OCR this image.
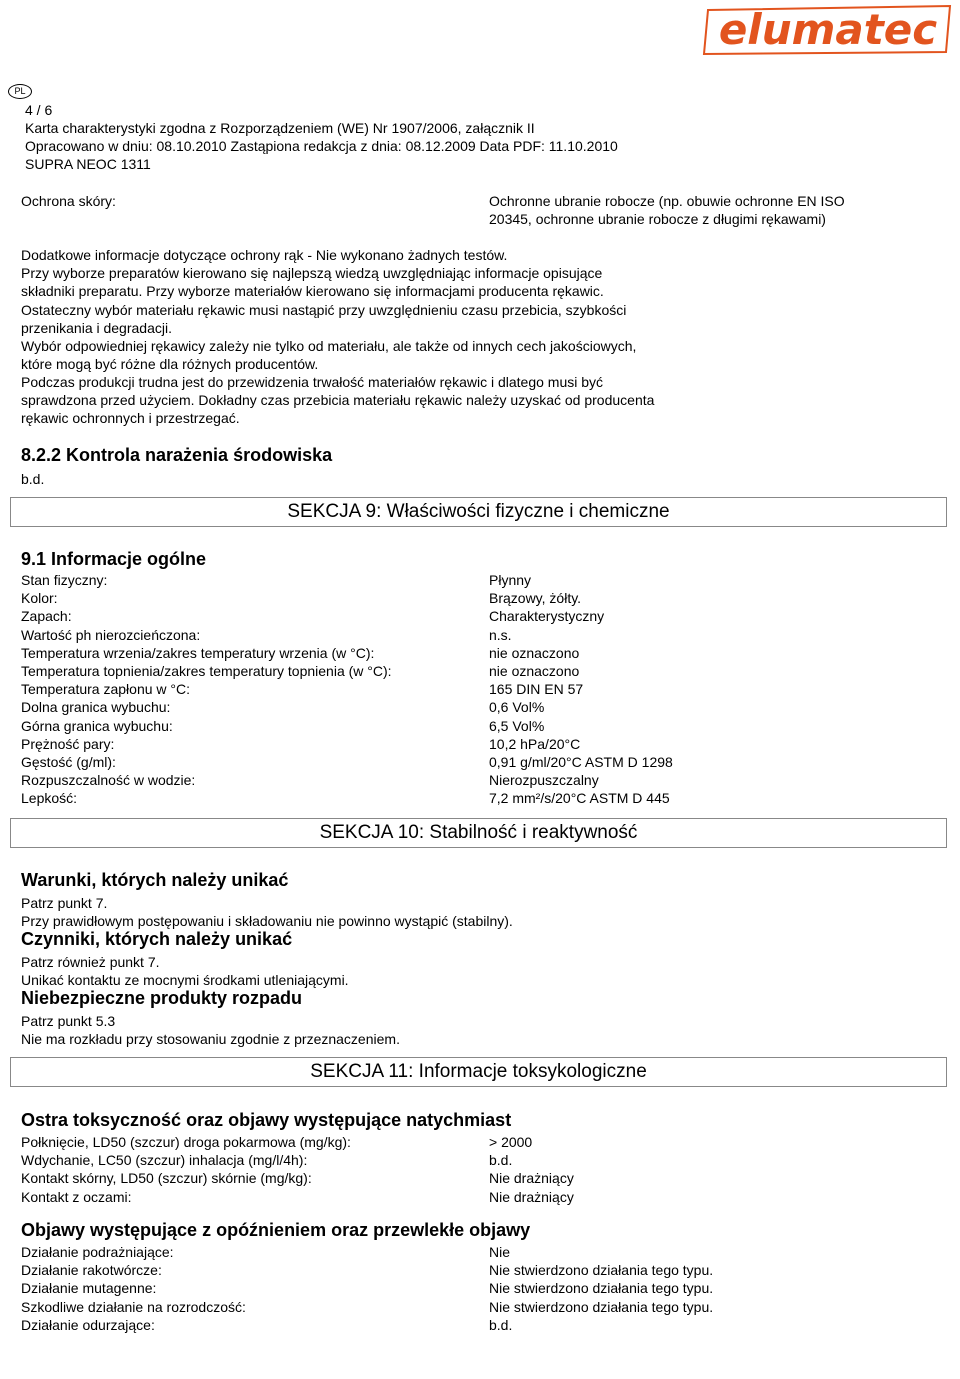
elumatec
PL
4 / 6
Karta charakterystyki zgodna z Rozporządzeniem (WE) Nr 1907/2006, załącznik II
Opracowano w dniu: 08.10.2010 Zastąpiona redakcja z dnia: 08.12.2009 Data PDF: 11.10.2010
SUPRA NEOC 1311
Ochrona skóry:	Ochronne ubranie robocze (np. obuwie ochronne EN ISO
20345, ochronne ubranie robocze z długimi rękawami)
Dodatkowe informacje dotyczące ochrony rąk - Nie wykonano żadnych testów.
Przy wyborze preparatów kierowano się najlepszą wiedzą uwzględniając informacje opisujące
składniki preparatu. Przy wyborze materiałów kierowano się informacjami producenta rękawic.
Ostateczny wybór materiału rękawic musi nastąpić przy uwzględnieniu czasu przebicia, szybkości
przenikania i degradacji.
Wybór odpowiedniej rękawicy zależy nie tylko od materiału, ale także od innych cech jakościowych,
które mogą być różne dla różnych producentów.
Podczas produkcji trudna jest do przewidzenia trwałość materiałów rękawic i dlatego musi być
sprawdzona przed użyciem. Dokładny czas przebicia materiału rękawic należy uzyskać od producenta
rękawic ochronnych i przestrzegać.
8.2.2 Kontrola narażenia środowiska
b.d.
SEKCJA 9: Właściwości fizyczne i chemiczne
9.1 Informacje ogólne
Stan fizyczny:	Płynny
Kolor:	Brązowy, żółty.
Zapach:	Charakterystyczny
Wartość ph nierozcieńczona:	n.s.
Temperatura wrzenia/zakres temperatury wrzenia (w °C):	nie oznaczono
Temperatura topnienia/zakres temperatury topnienia (w °C):	nie oznaczono
Temperatura zapłonu w °C:	165 DIN EN 57
Dolna granica wybuchu:	0,6 Vol%
Górna granica wybuchu:	6,5 Vol%
Prężność pary:	10,2 hPa/20°C
Gęstość (g/ml):	0,91 g/ml/20°C ASTM D 1298
Rozpuszczalność w wodzie:	Nierozpuszczalny
Lepkość:	7,2 mm²/s/20°C ASTM D 445
SEKCJA 10: Stabilność i reaktywność
Warunki, których należy unikać
Patrz punkt 7.
Przy prawidłowym postępowaniu i składowaniu nie powinno wystąpić (stabilny).
Czynniki, których należy unikać
Patrz również punkt 7.
Unikać kontaktu ze mocnymi środkami utleniającymi.
Niebezpieczne produkty rozpadu
Patrz punkt 5.3
Nie ma rozkładu przy stosowaniu zgodnie z przeznaczeniem.
SEKCJA 11: Informacje toksykologiczne
Ostra toksyczność oraz objawy występujące natychmiast
Połknięcie, LD50 (szczur) droga pokarmowa (mg/kg):	> 2000
Wdychanie, LC50 (szczur) inhalacja (mg/l/4h):	b.d.
Kontakt skórny, LD50 (szczur) skórnie (mg/kg):	Nie drażniący
Kontakt z oczami:	Nie drażniący
Objawy występujące z opóźnieniem oraz przewlekłe objawy
Działanie podrażniające:	Nie
Działanie rakotwórcze:	Nie stwierdzono działania tego typu.
Działanie mutagenne:	Nie stwierdzono działania tego typu.
Szkodliwe działanie na rozrodczość:	Nie stwierdzono działania tego typu.
Działanie odurzające:	b.d.
